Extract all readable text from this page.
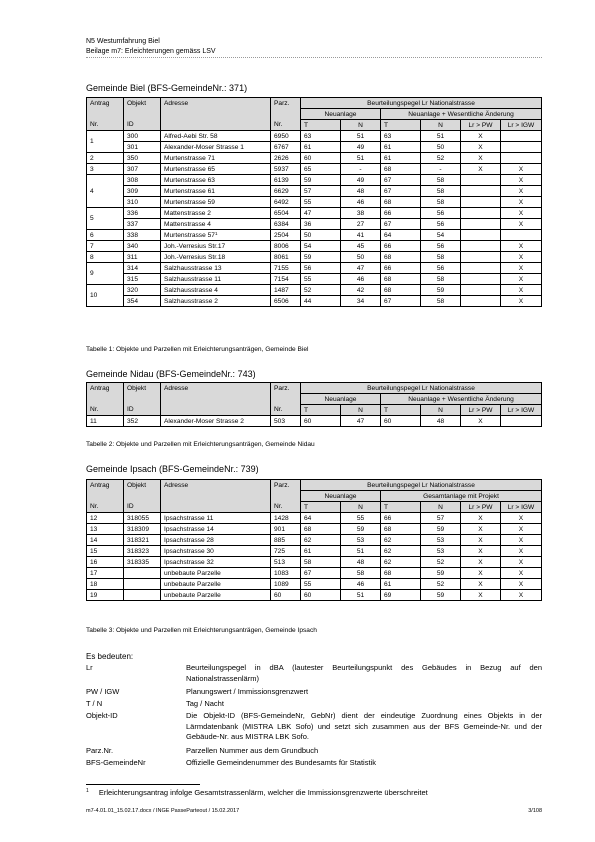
N5 Westumfahrung Biel
Beilage m7: Erleichterungen gemäss LSV
Gemeinde Biel (BFS-GemeindeNr.: 371)
Antrag	Objekt	Adresse	Parz.	Beurteilungspegel Lr Nationalstrasse					
				Neuanlage		Neuanlage + Wesentliche Änderung			
Nr.	ID		Nr.	T	N	T	N	Lr > PW	Lr > IGW
1	300	Alfred-Aebi Str. 58	6950	63	51	63	51	X	
	301	Alexander-Moser Strasse 1	6767	61	49	61	50	X	
2	350	Murtenstrasse 71	2626	60	51	61	52	X	
3	307	Murtenstrasse 65	5937	65	-	68	-	X	X
4	308	Murtenstrasse 63	6139	59	49	67	58		X
	309	Murtenstrasse 61	6629	57	48	67	58		X
	310	Murtenstrasse 59	6492	55	46	68	58		X
5	336	Mattenstrasse 2	6504	47	38	66	56		X
	337	Mattenstrasse 4	6384	36	27	67	56		X
6	338	Murtenstrasse $57^1$	2504	50	41	64	54		
7	340	Joh.-Verresius Str.17	8006	54	45	66	56		X
8	311	Joh.-Verresius Str.18	8061	59	50	68	58		X
9	314	Salzhausstrasse 13	7155	56	47	66	56		X
	315	Salzhausstrasse 11	7154	55	46	68	58		X
10	320	Salzhausstrasse 4	1487	52	42	68	59		X
	354	Salzhausstrasse 2	6506	44	34	67	58		X
Tabelle 1: Objekte und Parzellen mit Erleichterungsanträgen, Gemeinde Biel
Gemeinde Nidau (BFS-GemeindeNr.: 743)
Antrag	Objekt	Adresse	Parz.	Beurteilungspegel Lr Nationalstrasse					
				Neuanlage		Neuanlage + Wesentliche Änderung			
Nr.	ID		Nr.	T	N	T	N	Lr > PW	Lr > IGW
11	352	Alexander-Moser Strasse 2	503	60	47	60	48	X	
Tabelle 2: Objekte und Parzellen mit Erleichterungsanträgen, Gemeinde Nidau
Gemeinde Ipsach (BFS-GemeindeNr.: 739)
Antrag	Objekt	Adresse	Parz.	Beurteilungspegel Lr Nationalstrasse					
				Neuanlage		Gesamtanlage mit Projekt			
Nr.	ID		Nr.	T	N	T	N	Lr > PW	Lr > IGW
12	318055	Ipsachstrasse 11	1428	64	55	66	57	X	X
13	318309	Ipsachstrasse 14	901	68	59	68	59	X	X
14	318321	Ipsachstrasse 28	885	62	53	62	53	X	X
15	318323	Ipsachstrasse 30	725	61	51	62	53	X	X
16	318335	Ipsachstrasse 32	513	58	48	62	52	X	X
17		unbebaute Parzelle	1083	67	58	68	59	X	X
18		unbebaute Parzelle	1089	55	46	61	52	X	X
19		unbebaute Parzelle	60	60	51	69	59	X	X
Tabelle 3: Objekte und Parzellen mit Erleichterungsanträgen, Gemeinde Ipsach
Es bedeuten:
Lr	Beurteilungspegel in dBA (lautester Beurteilungspunkt des Gebäudes in Bezug auf den Nationalstrassenlärm)
PW / IGW	Planungswert / Immissionsgrenzwert
T / N	Tag / Nacht
Objekt-ID	Die Objekt-ID (BFS-GemeindeNr, GebNr) dient der eindeutige Zuordnung eines Objekts in der Lärmdatenbank (MISTRA LBK Sofo) und setzt sich zusammen aus der BFS Gemeinde-Nr. und der Gebäude-Nr. aus MISTRA LBK Sofo.
Parz.Nr.	Parzellen Nummer aus dem Grundbuch
BFS-GemeindeNr	Offizielle Gemeindenummer des Bundesamts für Statistik
$^1$ Erleichterungsantrag infolge Gesamtstrassenlärm, welcher die Immissionsgrenzwerte überschreitet
m7-4.01.01_15.02.17.docx / INGE PasseParteout / 15.02.2017	3/108
